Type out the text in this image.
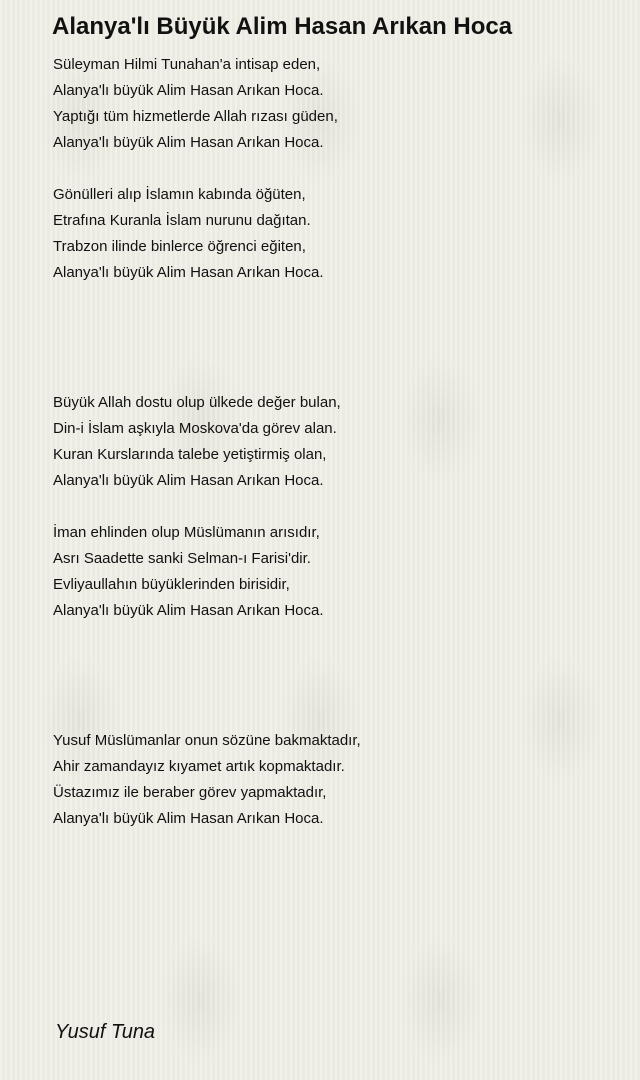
Alanya'lı Büyük Alim Hasan Arıkan Hoca
Süleyman Hilmi Tunahan'a intisap eden,
Alanya'lı büyük Alim Hasan Arıkan Hoca.
Yaptığı tüm hizmetlerde Allah rızası güden,
Alanya'lı büyük Alim Hasan Arıkan Hoca.
Gönülleri alıp İslamın kabında öğüten,
Etrafına Kuranla İslam nurunu dağıtan.
Trabzon ilinde binlerce öğrenci eğiten,
Alanya'lı büyük Alim Hasan Arıkan Hoca.
Büyük Allah dostu olup ülkede değer bulan,
Din-i İslam aşkıyla Moskova'da görev alan.
Kuran Kurslarında talebe yetiştirmiş olan,
Alanya'lı büyük Alim Hasan Arıkan Hoca.
İman ehlinden olup Müslümanın arısıdır,
Asrı Saadette sanki Selman-ı Farisi'dir.
Evliyaullahın büyüklerinden birisidir,
Alanya'lı büyük Alim Hasan Arıkan Hoca.
Yusuf Müslümanlar onun sözüne bakmaktadır,
Ahir zamandayız kıyamet artık kopmaktadır.
Üstazımız ile beraber görev yapmaktadır,
Alanya'lı büyük Alim Hasan Arıkan Hoca.
Yusuf Tuna
